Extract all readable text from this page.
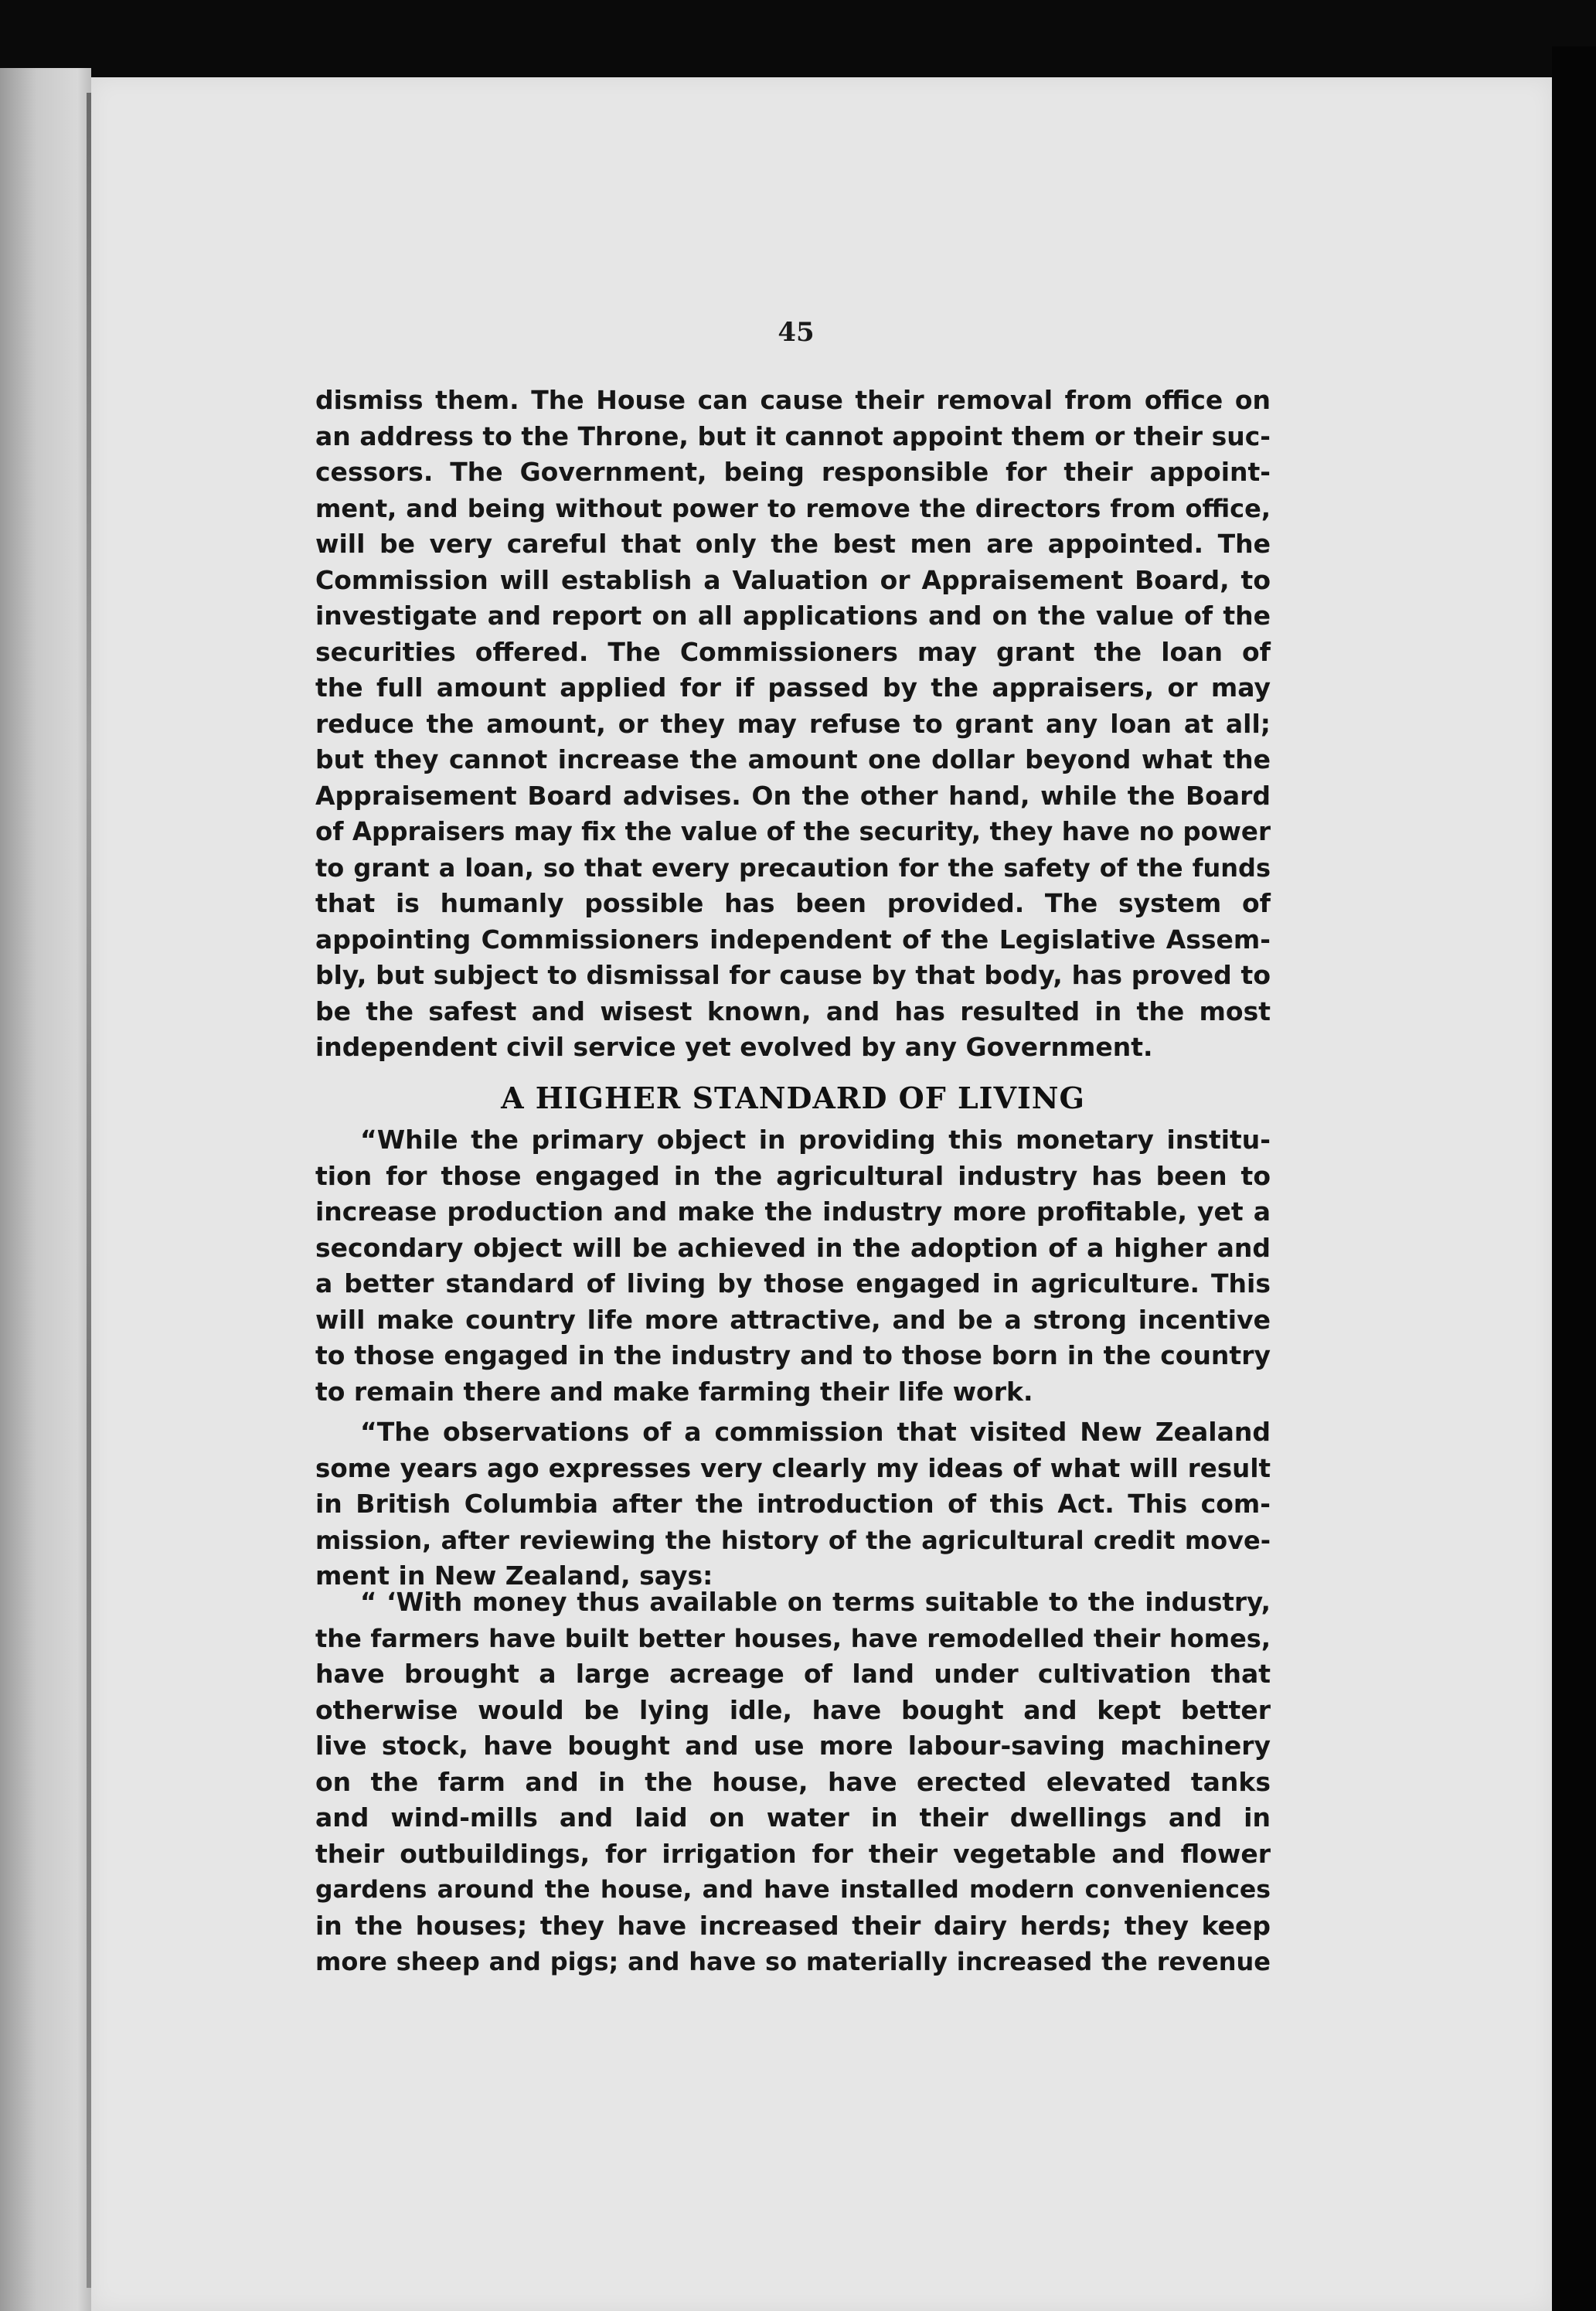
45
dismiss them. The House can cause their removal from office on
an address to the Throne, but it cannot appoint them or their suc-
cessors. The Government, being responsible for their appoint-
ment, and being without power to remove the directors from office,
will be very careful that only the best men are appointed. The
Commission will establish a Valuation or Appraisement Board, to
investigate and report on all applications and on the value of the
securities offered. The Commissioners may grant the loan of
the full amount applied for if passed by the appraisers, or may
reduce the amount, or they may refuse to grant any loan at all;
but they cannot increase the amount one dollar beyond what the
Appraisement Board advises. On the other hand, while the Board
of Appraisers may fix the value of the security, they have no power
to grant a loan, so that every precaution for the safety of the funds
that is humanly possible has been provided. The system of
appointing Commissioners independent of the Legislative Assem-
bly, but subject to dismissal for cause by that body, has proved to
be the safest and wisest known, and has resulted in the most
independent civil service yet evolved by any Government.
A HIGHER STANDARD OF LIVING
“While the primary object in providing this monetary institu-
tion for those engaged in the agricultural industry has been to
increase production and make the industry more profitable, yet a
secondary object will be achieved in the adoption of a higher and
a better standard of living by those engaged in agriculture. This
will make country life more attractive, and be a strong incentive
to those engaged in the industry and to those born in the country
to remain there and make farming their life work.
“The observations of a commission that visited New Zealand
some years ago expresses very clearly my ideas of what will result
in British Columbia after the introduction of this Act. This com-
mission, after reviewing the history of the agricultural credit move-
ment in New Zealand, says:
“ ‘With money thus available on terms suitable to the industry,
the farmers have built better houses, have remodelled their homes,
have brought a large acreage of land under cultivation that
otherwise would be lying idle, have bought and kept better
live stock, have bought and use more labour-saving machinery
on the farm and in the house, have erected elevated tanks
and wind-mills and laid on water in their dwellings and in
their outbuildings, for irrigation for their vegetable and flower
gardens around the house, and have installed modern conveniences
in the houses; they have increased their dairy herds; they keep
more sheep and pigs; and have so materially increased the revenue
